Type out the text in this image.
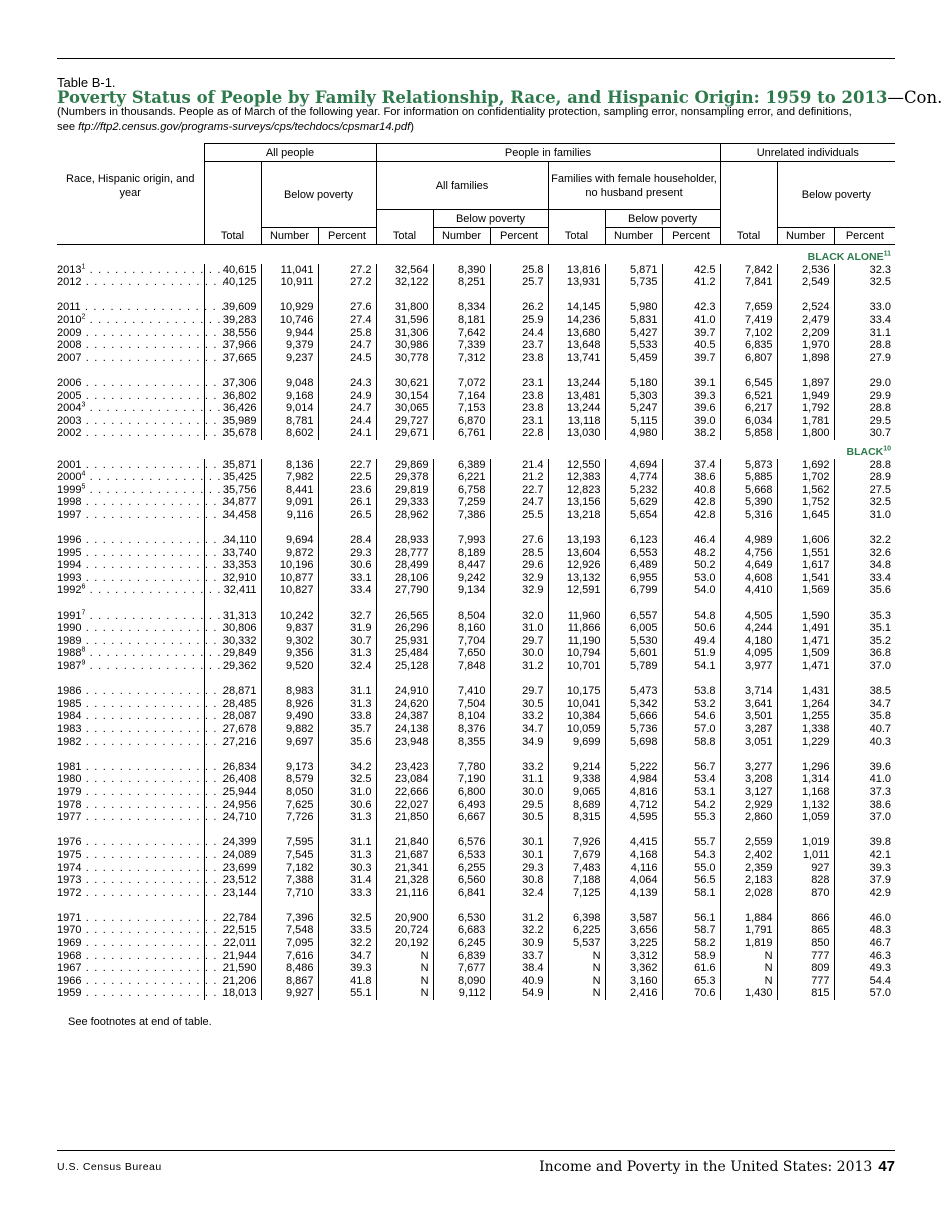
Table B-1.
Poverty Status of People by Family Relationship, Race, and Hispanic Origin: 1959 to 2013—Con.
(Numbers in thousands. People as of March of the following year. For information on confidentiality protection, sampling error, nonsampling error, and definitions,
see ftp://ftp2.census.gov/programs-surveys/cps/techdocs/cpsmar14.pdf)
Race, Hispanic origin, and year	All people			People in families						Unrelated individuals		
		Below poverty		All families			Families with female householder, no husband present				Below poverty	
					Below poverty			Below poverty				
	Total	Number	Percent	Total	Number	Percent	Total	Number	Percent	Total	Number	Percent
BLACK ALONE$^{11}$
2013$^1$ . . . . . . . . . . . . . . . . .	40,615	11,041	27.2	32,564	8,390	25.8	13,816	5,871	42.5	7,842	2,536	32.3
2012 . . . . . . . . . . . . . . . . .	40,125	10,911	27.2	32,122	8,251	25.7	13,931	5,735	41.2	7,841	2,549	32.5

2011 . . . . . . . . . . . . . . . . .	39,609	10,929	27.6	31,800	8,334	26.2	14,145	5,980	42.3	7,659	2,524	33.0
2010$^2$ . . . . . . . . . . . . . . . . .	39,283	10,746	27.4	31,596	8,181	25.9	14,236	5,831	41.0	7,419	2,479	33.4
2009 . . . . . . . . . . . . . . . . .	38,556	9,944	25.8	31,306	7,642	24.4	13,680	5,427	39.7	7,102	2,209	31.1
2008 . . . . . . . . . . . . . . . . .	37,966	9,379	24.7	30,986	7,339	23.7	13,648	5,533	40.5	6,835	1,970	28.8
2007 . . . . . . . . . . . . . . . . .	37,665	9,237	24.5	30,778	7,312	23.8	13,741	5,459	39.7	6,807	1,898	27.9

2006 . . . . . . . . . . . . . . . . .	37,306	9,048	24.3	30,621	7,072	23.1	13,244	5,180	39.1	6,545	1,897	29.0
2005 . . . . . . . . . . . . . . . . .	36,802	9,168	24.9	30,154	7,164	23.8	13,481	5,303	39.3	6,521	1,949	29.9
2004$^3$ . . . . . . . . . . . . . . . . .	36,426	9,014	24.7	30,065	7,153	23.8	13,244	5,247	39.6	6,217	1,792	28.8
2003 . . . . . . . . . . . . . . . . .	35,989	8,781	24.4	29,727	6,870	23.1	13,118	5,115	39.0	6,034	1,781	29.5
2002 . . . . . . . . . . . . . . . . .	35,678	8,602	24.1	29,671	6,761	22.8	13,030	4,980	38.2	5,858	1,800	30.7
BLACK$^{10}$
2001 . . . . . . . . . . . . . . . . .	35,871	8,136	22.7	29,869	6,389	21.4	12,550	4,694	37.4	5,873	1,692	28.8
2000$^4$ . . . . . . . . . . . . . . . . .	35,425	7,982	22.5	29,378	6,221	21.2	12,383	4,774	38.6	5,885	1,702	28.9
1999$^5$ . . . . . . . . . . . . . . . . .	35,756	8,441	23.6	29,819	6,758	22.7	12,823	5,232	40.8	5,668	1,562	27.5
1998 . . . . . . . . . . . . . . . . .	34,877	9,091	26.1	29,333	7,259	24.7	13,156	5,629	42.8	5,390	1,752	32.5
1997 . . . . . . . . . . . . . . . . .	34,458	9,116	26.5	28,962	7,386	25.5	13,218	5,654	42.8	5,316	1,645	31.0

1996 . . . . . . . . . . . . . . . . .	34,110	9,694	28.4	28,933	7,993	27.6	13,193	6,123	46.4	4,989	1,606	32.2
1995 . . . . . . . . . . . . . . . . .	33,740	9,872	29.3	28,777	8,189	28.5	13,604	6,553	48.2	4,756	1,551	32.6
1994 . . . . . . . . . . . . . . . . .	33,353	10,196	30.6	28,499	8,447	29.6	12,926	6,489	50.2	4,649	1,617	34.8
1993 . . . . . . . . . . . . . . . . .	32,910	10,877	33.1	28,106	9,242	32.9	13,132	6,955	53.0	4,608	1,541	33.4
1992$^6$ . . . . . . . . . . . . . . . . .	32,411	10,827	33.4	27,790	9,134	32.9	12,591	6,799	54.0	4,410	1,569	35.6

1991$^7$ . . . . . . . . . . . . . . . . .	31,313	10,242	32.7	26,565	8,504	32.0	11,960	6,557	54.8	4,505	1,590	35.3
1990 . . . . . . . . . . . . . . . . .	30,806	9,837	31.9	26,296	8,160	31.0	11,866	6,005	50.6	4,244	1,491	35.1
1989 . . . . . . . . . . . . . . . . .	30,332	9,302	30.7	25,931	7,704	29.7	11,190	5,530	49.4	4,180	1,471	35.2
1988$^8$ . . . . . . . . . . . . . . . . .	29,849	9,356	31.3	25,484	7,650	30.0	10,794	5,601	51.9	4,095	1,509	36.8
1987$^9$ . . . . . . . . . . . . . . . . .	29,362	9,520	32.4	25,128	7,848	31.2	10,701	5,789	54.1	3,977	1,471	37.0

1986 . . . . . . . . . . . . . . . . .	28,871	8,983	31.1	24,910	7,410	29.7	10,175	5,473	53.8	3,714	1,431	38.5
1985 . . . . . . . . . . . . . . . . .	28,485	8,926	31.3	24,620	7,504	30.5	10,041	5,342	53.2	3,641	1,264	34.7
1984 . . . . . . . . . . . . . . . . .	28,087	9,490	33.8	24,387	8,104	33.2	10,384	5,666	54.6	3,501	1,255	35.8
1983 . . . . . . . . . . . . . . . . .	27,678	9,882	35.7	24,138	8,376	34.7	10,059	5,736	57.0	3,287	1,338	40.7
1982 . . . . . . . . . . . . . . . . .	27,216	9,697	35.6	23,948	8,355	34.9	9,699	5,698	58.8	3,051	1,229	40.3

1981 . . . . . . . . . . . . . . . . .	26,834	9,173	34.2	23,423	7,780	33.2	9,214	5,222	56.7	3,277	1,296	39.6
1980 . . . . . . . . . . . . . . . . .	26,408	8,579	32.5	23,084	7,190	31.1	9,338	4,984	53.4	3,208	1,314	41.0
1979 . . . . . . . . . . . . . . . . .	25,944	8,050	31.0	22,666	6,800	30.0	9,065	4,816	53.1	3,127	1,168	37.3
1978 . . . . . . . . . . . . . . . . .	24,956	7,625	30.6	22,027	6,493	29.5	8,689	4,712	54.2	2,929	1,132	38.6
1977 . . . . . . . . . . . . . . . . .	24,710	7,726	31.3	21,850	6,667	30.5	8,315	4,595	55.3	2,860	1,059	37.0

1976 . . . . . . . . . . . . . . . . .	24,399	7,595	31.1	21,840	6,576	30.1	7,926	4,415	55.7	2,559	1,019	39.8
1975 . . . . . . . . . . . . . . . . .	24,089	7,545	31.3	21,687	6,533	30.1	7,679	4,168	54.3	2,402	1,011	42.1
1974 . . . . . . . . . . . . . . . . .	23,699	7,182	30.3	21,341	6,255	29.3	7,483	4,116	55.0	2,359	927	39.3
1973 . . . . . . . . . . . . . . . . .	23,512	7,388	31.4	21,328	6,560	30.8	7,188	4,064	56.5	2,183	828	37.9
1972 . . . . . . . . . . . . . . . . .	23,144	7,710	33.3	21,116	6,841	32.4	7,125	4,139	58.1	2,028	870	42.9

1971 . . . . . . . . . . . . . . . . .	22,784	7,396	32.5	20,900	6,530	31.2	6,398	3,587	56.1	1,884	866	46.0
1970 . . . . . . . . . . . . . . . . .	22,515	7,548	33.5	20,724	6,683	32.2	6,225	3,656	58.7	1,791	865	48.3
1969 . . . . . . . . . . . . . . . . .	22,011	7,095	32.2	20,192	6,245	30.9	5,537	3,225	58.2	1,819	850	46.7
1968 . . . . . . . . . . . . . . . . .	21,944	7,616	34.7	N	6,839	33.7	N	3,312	58.9	N	777	46.3
1967 . . . . . . . . . . . . . . . . .	21,590	8,486	39.3	N	7,677	38.4	N	3,362	61.6	N	809	49.3
1966 . . . . . . . . . . . . . . . . .	21,206	8,867	41.8	N	8,090	40.9	N	3,160	65.3	N	777	54.4
1959 . . . . . . . . . . . . . . . . .	18,013	9,927	55.1	N	9,112	54.9	N	2,416	70.6	1,430	815	57.0
See footnotes at end of table.
U.S. Census Bureau	Income and Poverty in the United States: 2013 47
